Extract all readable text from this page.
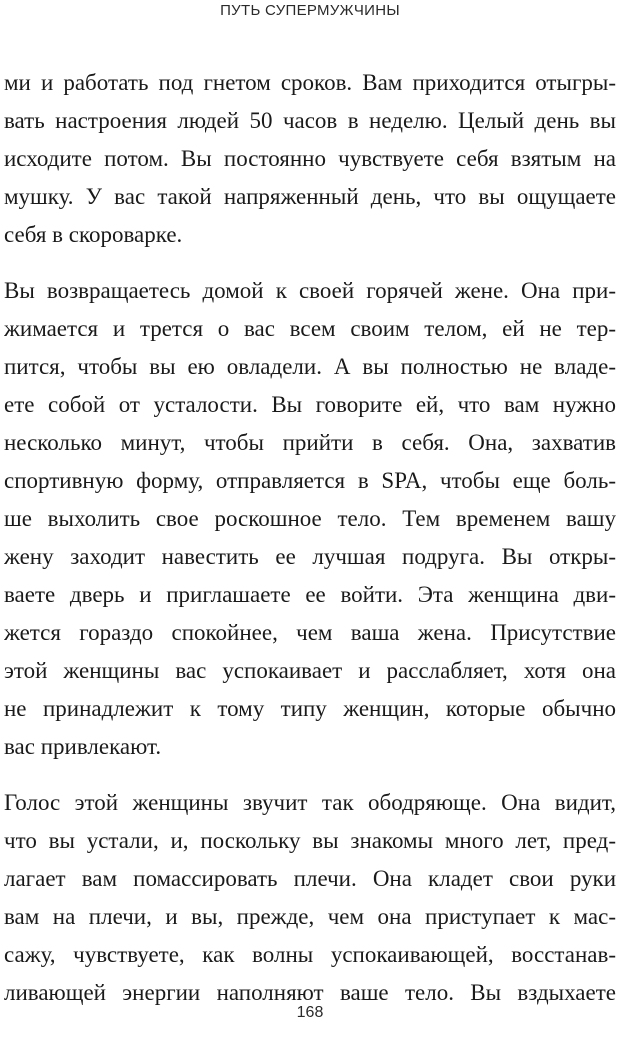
ПУТЬ СУПЕРМУЖЧИНЫ
ми и работать под гнетом сроков. Вам приходится отыгры-
вать настроения людей 50 часов в неделю. Целый день вы
исходите потом. Вы постоянно чувствуете себя взятым на
мушку. У вас такой напряженный день, что вы ощущаете
себя в скороварке.
Вы возвращаетесь домой к своей горячей жене. Она при-
жимается и трется о вас всем своим телом, ей не тер-
пится, чтобы вы ею овладели. А вы полностью не владе-
ете собой от усталости. Вы говорите ей, что вам нужно
несколько минут, чтобы прийти в себя. Она, захватив
спортивную форму, отправляется в SPA, чтобы еще боль-
ше выхолить свое роскошное тело. Тем временем вашу
жену заходит навестить ее лучшая подруга. Вы откры-
ваете дверь и приглашаете ее войти. Эта женщина дви-
жется гораздо спокойнее, чем ваша жена. Присутствие
этой женщины вас успокаивает и расслабляет, хотя она
не принадлежит к тому типу женщин, которые обычно
вас привлекают.
Голос этой женщины звучит так ободряюще. Она видит,
что вы устали, и, поскольку вы знакомы много лет, пред-
лагает вам помассировать плечи. Она кладет свои руки
вам на плечи, и вы, прежде, чем она приступает к мас-
сажу, чувствуете, как волны успокаивающей, восстанав-
ливающей энергии наполняют ваше тело. Вы вздыхаете
168
